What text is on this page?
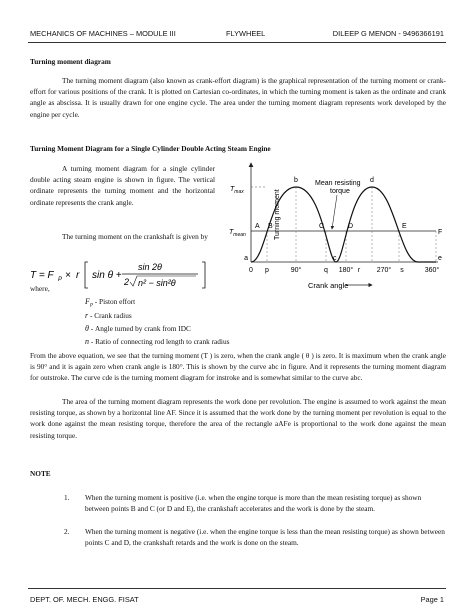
MECHANICS OF MACHINES – MODULE III	FLYWHEEL	DILEEP G MENON - 9496366191
Turning moment diagram
The turning moment diagram (also known as crank-effort diagram) is the graphical representation of the turning moment or crank-effort for various positions of the crank. It is plotted on Cartesian co-ordinates, in which the turning moment is taken as the ordinate and crank angle as abscissa. It is usually drawn for one engine cycle. The area under the turning moment diagram represents work developed by the engine per cycle.
Turning Moment Diagram for a Single Cylinder Double Acting Steam Engine
A turning moment diagram for a single cylinder double acting steam engine is shown in figure. The vertical ordinate represents the turning moment and the horizontal ordinate represents the crank angle.
The turning moment on the crankshaft is given by
T = F P × r sin θ +
sin 2θ
2 n² − sin²θ
where,
$F_P$ - Piston effort
r - Crank radius
θ - Angle turned by crank from IDC
n - Ratio of connecting rod length to crank radius
$T_{max}$
$T_{mean}$	Turning moment
Mean resisting
torque
b	d
A B	C	D	E
F
a	c	e
0 p	90°	q 180° r 270° s	360°
Crank angle
From the above equation, we see that the turning moment (T ) is zero, when the crank angle ( θ ) is zero. It is maximum when the crank angle is 90° and it is again zero when crank angle is 180°. This is shown by the curve abc in figure. And it represents the turning moment diagram for outstroke. The curve cde is the turning moment diagram for instroke and is somewhat similar to the curve abc.
The area of the turning moment diagram represents the work done per revolution. The engine is assumed to work against the mean resisting torque, as shown by a horizontal line AF. Since it is assumed that the work done by the turning moment per revolution is equal to the work done against the mean resisting torque, therefore the area of the rectangle aAFe is proportional to the work done against the mean resisting torque.
NOTE
1. When the turning moment is positive (i.e. when the engine torque is more than the mean resisting torque) as shown between points B and C (or D and E), the crankshaft accelerates and the work is done by the steam.
2. When the turning moment is negative (i.e. when the engine torque is less than the mean resisting torque) as shown between points C and D, the crankshaft retards and the work is done on the steam.
DEPT. OF. MECH. ENGG. FISAT	Page 1
